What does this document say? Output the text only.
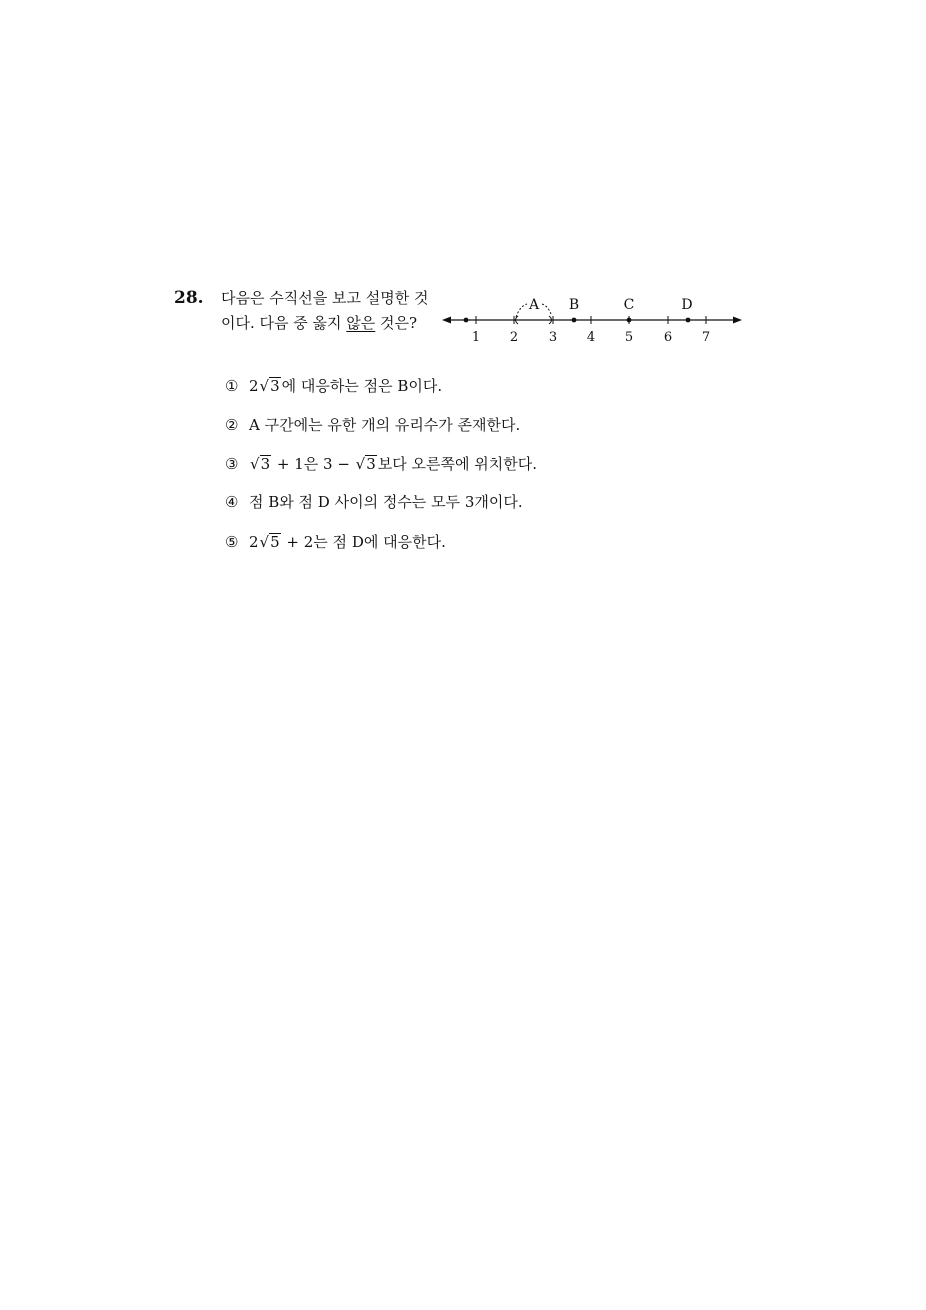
28. 다음은 수직선을 보고 설명한 것
이다. 다음 중 옳지 않은 것은?
1 2 3 4 5 6 7
A B	C	D
① 2 √ 3 에 대응하는 점은 B이다.
② A 구간에는 유한 개의 유리수가 존재한다.
③ √ 3 + 1은 3 − √ 3 보다 오른쪽에 위치한다.
④ 점 B와 점 D 사이의 정수는 모두 3개이다.
⑤ 2 √ 5 + 2는 점 D에 대응한다.
